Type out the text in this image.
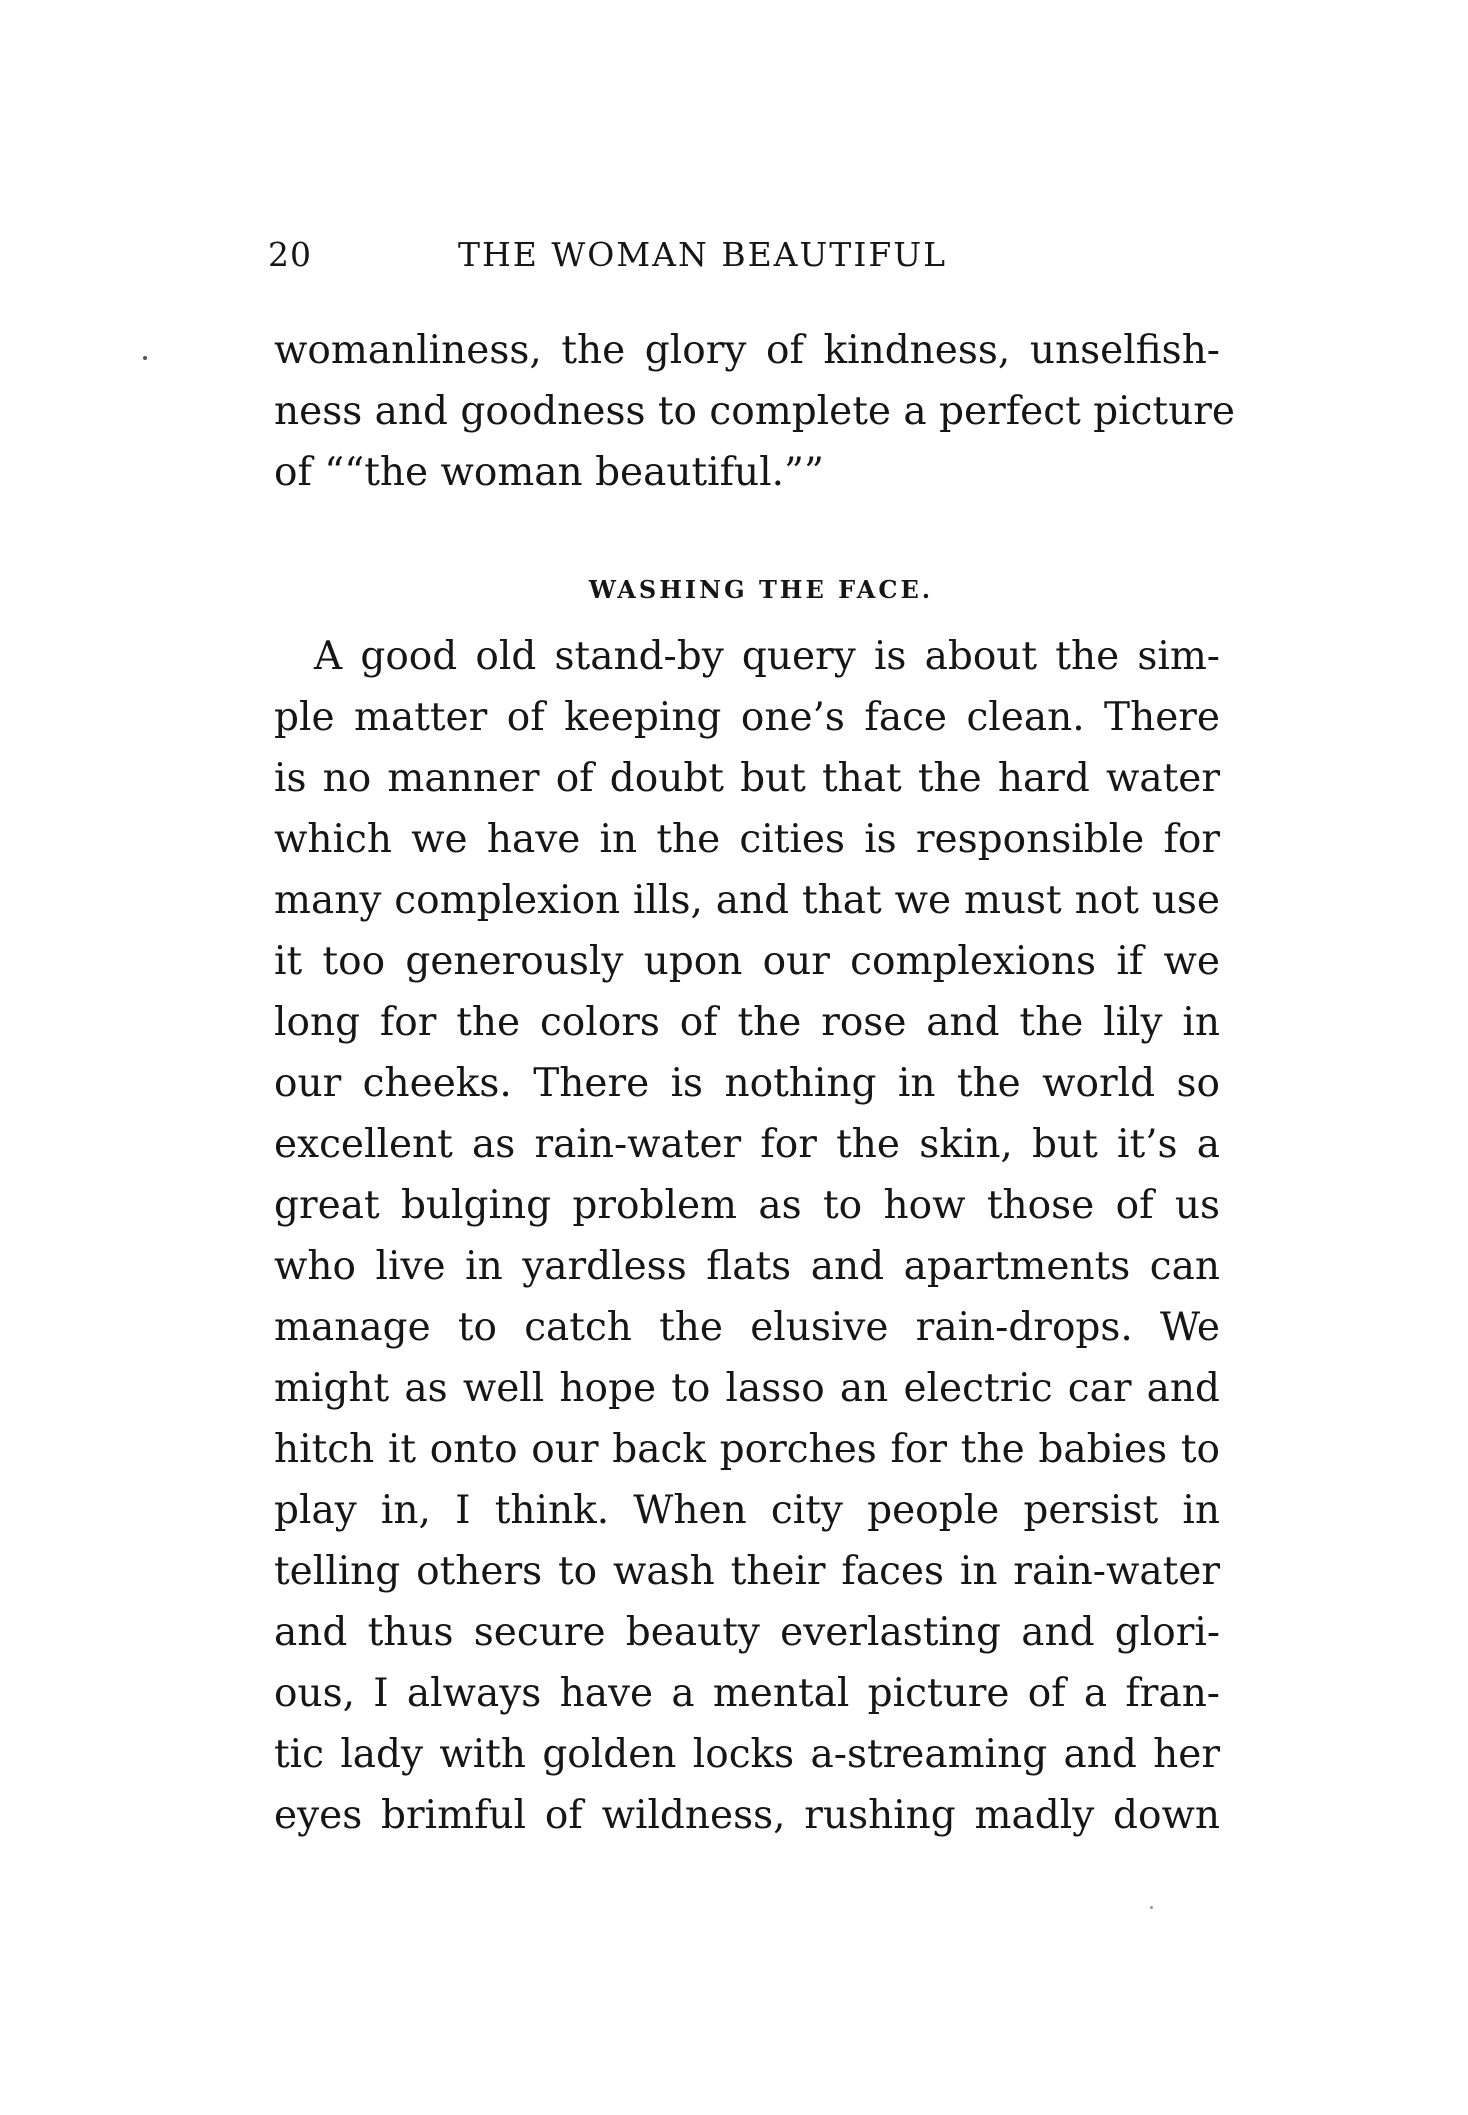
20	THE WOMAN BEAUTIFUL
womanliness, the glory of kindness, unselfish-
ness and goodness to complete a perfect picture
of ““the woman beautiful.””
WASHING THE FACE.
A good old stand-by query is about the sim-
ple matter of keeping one’s face clean. There
is no manner of doubt but that the hard water
which we have in the cities is responsible for
many complexion ills, and that we must not use
it too generously upon our complexions if we
long for the colors of the rose and the lily in
our cheeks. There is nothing in the world so
excellent as rain-water for the skin, but it’s a
great bulging problem as to how those of us
who live in yardless flats and apartments can
manage to catch the elusive rain-drops. We
might as well hope to lasso an electric car and
hitch it onto our back porches for the babies to
play in, I think. When city people persist in
telling others to wash their faces in rain-water
and thus secure beauty everlasting and glori-
ous, I always have a mental picture of a fran-
tic lady with golden locks a-streaming and her
eyes brimful of wildness, rushing madly down
